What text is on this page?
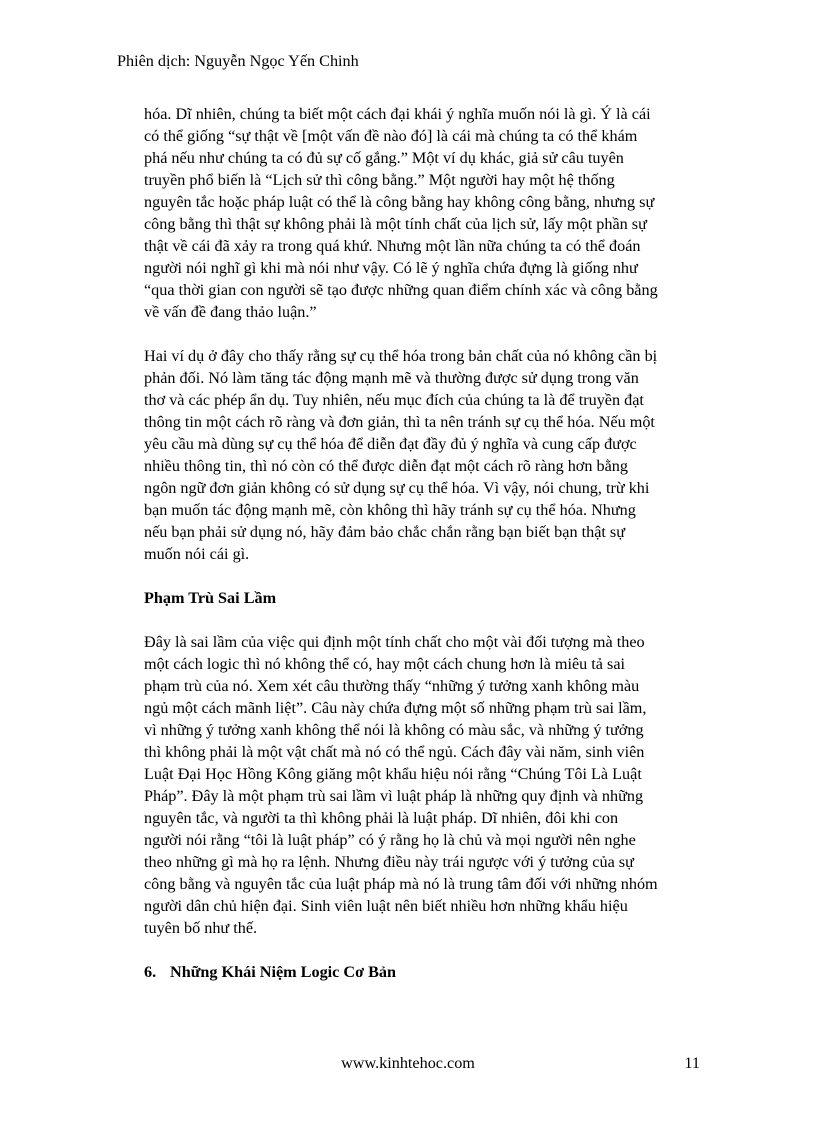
Phiên dịch: Nguyễn Ngọc Yến Chinh

hóa. Dĩ nhiên, chúng ta biết một cách đại khái ý nghĩa muốn nói là gì. Ý là cái
có thể giống “sự thật về [một vấn đề nào đó] là cái mà chúng ta có thể khám
phá nếu như chúng ta có đủ sự cố gắng.” Một ví dụ khác, giả sử câu tuyên
truyền phổ biến là “Lịch sử thì công bằng.” Một người hay một hệ thống
nguyên tắc hoặc pháp luật có thể là công bằng hay không công bằng, nhưng sự
công bằng thì thật sự không phải là một tính chất của lịch sử, lấy một phần sự
thật về cái đã xảy ra trong quá khứ. Nhưng một lần nữa chúng ta có thể đoán
người nói nghĩ gì khi mà nói như vậy. Có lẽ ý nghĩa chứa đựng là giống như
“qua thời gian con người sẽ tạo được những quan điểm chính xác và công bằng
về vấn đề đang thảo luận.”

Hai ví dụ ở đây cho thấy rằng sự cụ thể hóa trong bản chất của nó không cần bị
phản đối. Nó làm tăng tác động mạnh mẽ và thường được sử dụng trong văn
thơ và các phép ẩn dụ. Tuy nhiên, nếu mục đích của chúng ta là để truyền đạt
thông tin một cách rõ ràng và đơn giản, thì ta nên tránh sự cụ thể hóa. Nếu một
yêu cầu mà dùng sự cụ thể hóa để diễn đạt đầy đủ ý nghĩa và cung cấp được
nhiều thông tin, thì nó còn có thể được diễn đạt một cách rõ ràng hơn bằng
ngôn ngữ đơn giản không có sử dụng sự cụ thể hóa. Vì vậy, nói chung, trừ khi
bạn muốn tác động mạnh mẽ, còn không thì hãy tránh sự cụ thể hóa. Nhưng
nếu bạn phải sử dụng nó, hãy đảm bảo chắc chắn rằng bạn biết bạn thật sự
muốn nói cái gì.

Phạm Trù Sai Lầm

Đây là sai lầm của việc qui định một tính chất cho một vài đối tượng mà theo
một cách logic thì nó không thể có, hay một cách chung hơn là miêu tả sai
phạm trù của nó. Xem xét câu thường thấy “những ý tưởng xanh không màu
ngủ một cách mãnh liệt”. Câu này chứa đựng một số những phạm trù sai lầm,
vì những ý tưởng xanh không thể nói là không có màu sắc, và những ý tưởng
thì không phải là một vật chất mà nó có thể ngủ. Cách đây vài năm, sinh viên
Luật Đại Học Hồng Kông giăng một khẩu hiệu nói rằng “Chúng Tôi Là Luật
Pháp”. Đây là một phạm trù sai lầm vì luật pháp là những quy định và những
nguyên tắc, và người ta thì không phải là luật pháp. Dĩ nhiên, đôi khi con
người nói rằng “tôi là luật pháp” có ý rằng họ là chủ và mọi người nên nghe
theo những gì mà họ ra lệnh. Nhưng điều này trái ngược với ý tưởng của sự
công bằng và nguyên tắc của luật pháp mà nó là trung tâm đối với những nhóm
người dân chủ hiện đại. Sinh viên luật nên biết nhiều hơn những khẩu hiệu
tuyên bố như thế.

6. Những Khái Niệm Logic Cơ Bản

www.kinhtehoc.com	11
